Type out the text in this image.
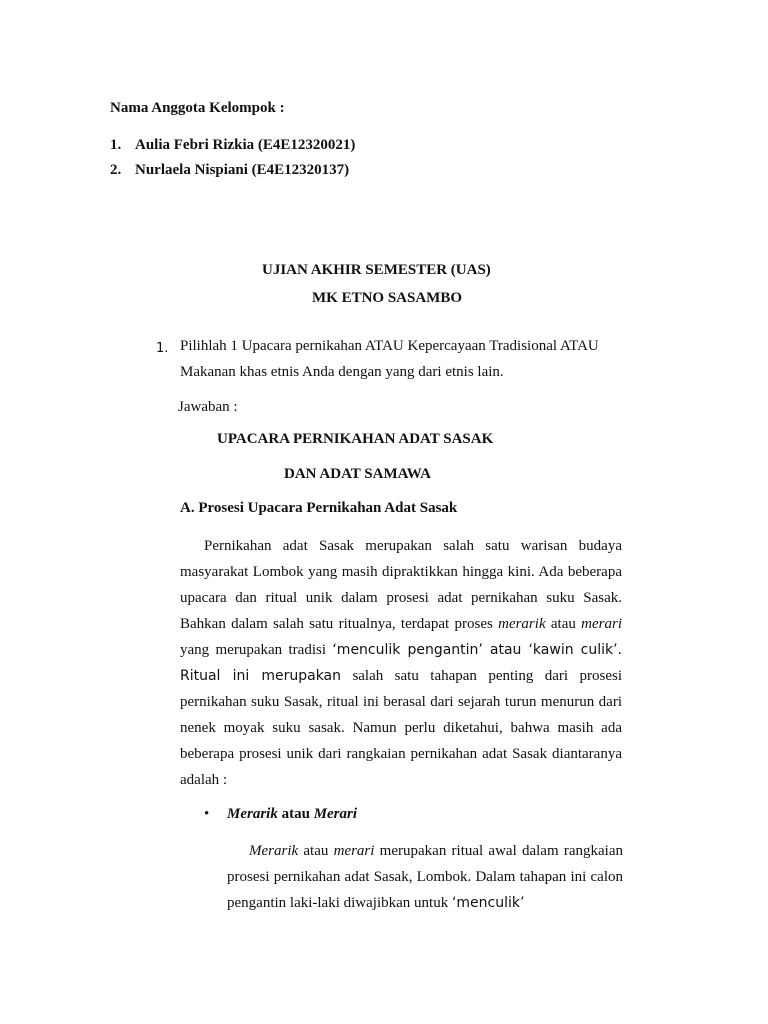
Nama Anggota Kelompok :
1. Aulia Febri Rizkia (E4E12320021)
2. Nurlaela Nispiani (E4E12320137)
UJIAN AKHIR SEMESTER (UAS)
MK ETNO SASAMBO
1. Pilihlah 1 Upacara pernikahan ATAU Kepercayaan Tradisional ATAU
Makanan khas etnis Anda dengan yang dari etnis lain.
Jawaban :
UPACARA PERNIKAHAN ADAT SASAK
DAN ADAT SAMAWA
A. Prosesi Upacara Pernikahan Adat Sasak
Pernikahan adat Sasak merupakan salah satu warisan budaya masyarakat Lombok yang masih dipraktikkan hingga kini. Ada beberapa upacara dan ritual unik dalam prosesi adat pernikahan suku Sasak. Bahkan dalam salah satu ritualnya, terdapat proses merarik atau merari yang merupakan tradisi ‘menculik pengantin’ atau ‘kawin culik’. Ritual ini merupakan salah satu tahapan penting dari prosesi pernikahan suku Sasak, ritual ini berasal dari sejarah turun menurun dari nenek moyak suku sasak. Namun perlu diketahui, bahwa masih ada beberapa prosesi unik dari rangkaian pernikahan adat Sasak diantaranya adalah :
• Merarik atau Merari
Merarik atau merari merupakan ritual awal dalam rangkaian prosesi pernikahan adat Sasak, Lombok. Dalam tahapan ini calon pengantin laki-laki diwajibkan untuk ‘menculik’
